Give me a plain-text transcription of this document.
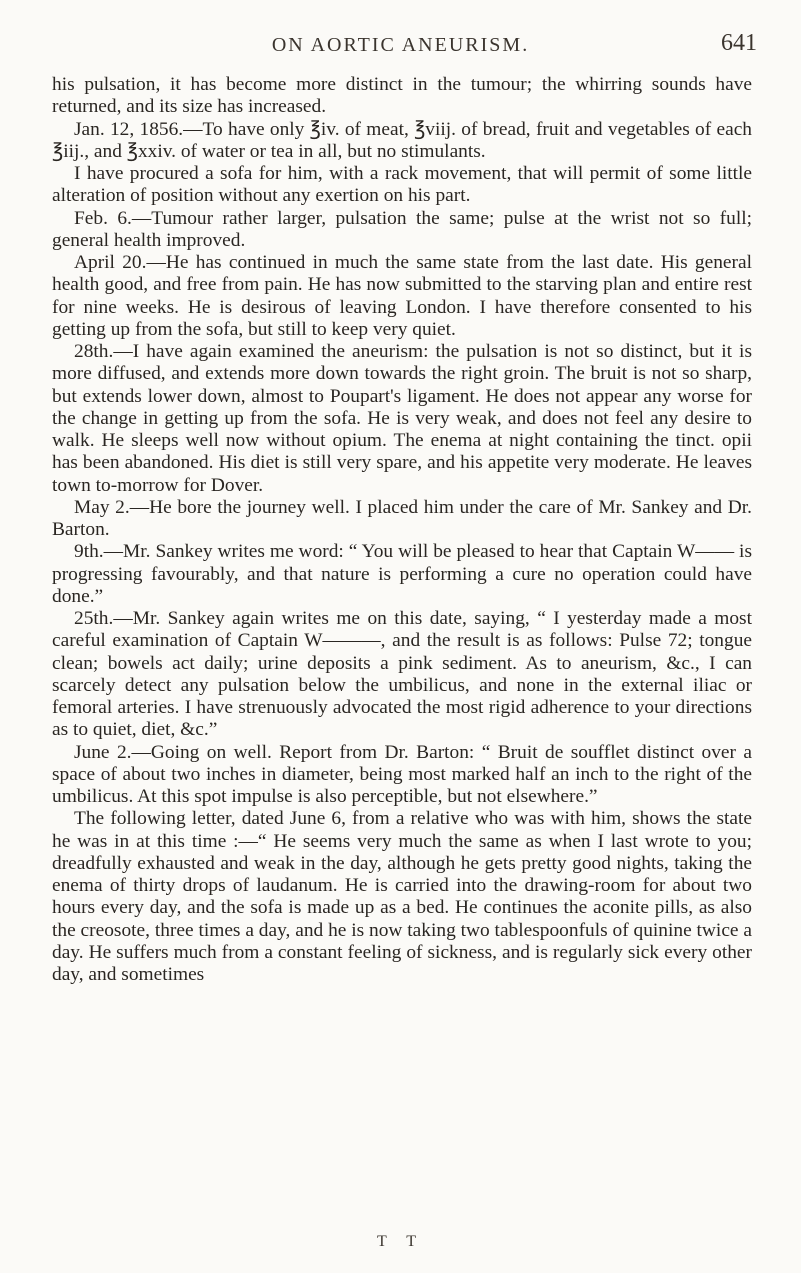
ON AORTIC ANEURISM.	641

his pulsation, it has become more distinct in the tumour; the whirring sounds have returned, and its size has increased.

Jan. 12, 1856.—To have only ℥iv. of meat, ℥viij. of bread, fruit and vegetables of each ℥iij., and ℥xxiv. of water or tea in all, but no stimulants.

I have procured a sofa for him, with a rack movement, that will permit of some little alteration of position without any exertion on his part.

Feb. 6.—Tumour rather larger, pulsation the same; pulse at the wrist not so full; general health improved.

April 20.—He has continued in much the same state from the last date. His general health good, and free from pain. He has now submitted to the starving plan and entire rest for nine weeks. He is desirous of leaving London. I have therefore consented to his getting up from the sofa, but still to keep very quiet.

28th.—I have again examined the aneurism: the pulsation is not so distinct, but it is more diffused, and extends more down towards the right groin. The bruit is not so sharp, but extends lower down, almost to Poupart's ligament. He does not appear any worse for the change in getting up from the sofa. He is very weak, and does not feel any desire to walk. He sleeps well now without opium. The enema at night containing the tinct. opii has been abandoned. His diet is still very spare, and his appetite very moderate. He leaves town to-morrow for Dover.

May 2.—He bore the journey well. I placed him under the care of Mr. Sankey and Dr. Barton.

9th.—Mr. Sankey writes me word: “ You will be pleased to hear that Captain W—— is progressing favourably, and that nature is performing a cure no operation could have done.”

25th.—Mr. Sankey again writes me on this date, saying, “ I yesterday made a most careful examination of Captain W———, and the result is as follows: Pulse 72; tongue clean; bowels act daily; urine deposits a pink sediment. As to aneurism, &c., I can scarcely detect any pulsation below the umbilicus, and none in the external iliac or femoral arteries. I have strenuously advocated the most rigid adherence to your directions as to quiet, diet, &c.”

June 2.—Going on well. Report from Dr. Barton: “ Bruit de soufflet distinct over a space of about two inches in diameter, being most marked half an inch to the right of the umbilicus. At this spot impulse is also perceptible, but not elsewhere.”

The following letter, dated June 6, from a relative who was with him, shows the state he was in at this time :—“ He seems very much the same as when I last wrote to you; dreadfully exhausted and weak in the day, although he gets pretty good nights, taking the enema of thirty drops of laudanum. He is carried into the drawing-room for about two hours every day, and the sofa is made up as a bed. He continues the aconite pills, as also the creosote, three times a day, and he is now taking two tablespoonfuls of quinine twice a day. He suffers much from a constant feeling of sickness, and is regularly sick every other day, and sometimes

T T
